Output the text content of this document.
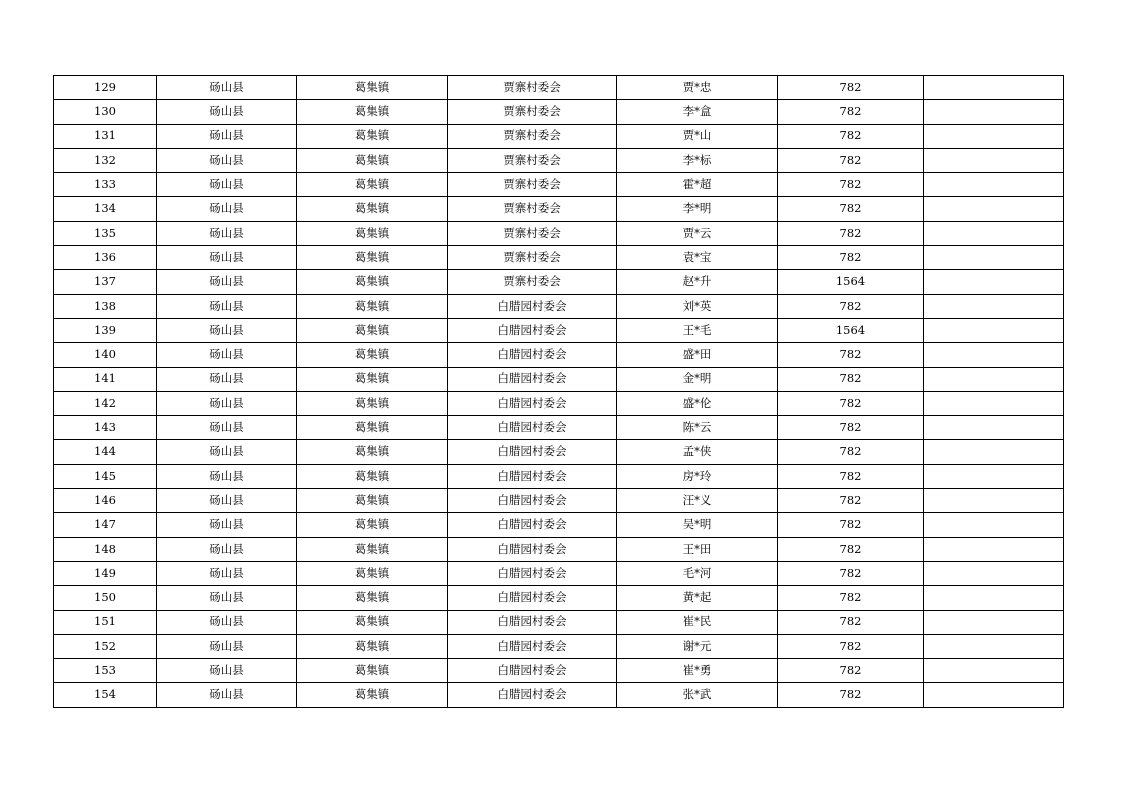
129	砀山县	葛集镇	贾寨村委会	贾*忠	782	
130	砀山县	葛集镇	贾寨村委会	李*盒	782	
131	砀山县	葛集镇	贾寨村委会	贾*山	782	
132	砀山县	葛集镇	贾寨村委会	李*标	782	
133	砀山县	葛集镇	贾寨村委会	霍*超	782	
134	砀山县	葛集镇	贾寨村委会	李*明	782	
135	砀山县	葛集镇	贾寨村委会	贾*云	782	
136	砀山县	葛集镇	贾寨村委会	袁*宝	782	
137	砀山县	葛集镇	贾寨村委会	赵*升	1564	
138	砀山县	葛集镇	白腊园村委会	刘*英	782	
139	砀山县	葛集镇	白腊园村委会	王*毛	1564	
140	砀山县	葛集镇	白腊园村委会	盛*田	782	
141	砀山县	葛集镇	白腊园村委会	金*明	782	
142	砀山县	葛集镇	白腊园村委会	盛*伦	782	
143	砀山县	葛集镇	白腊园村委会	陈*云	782	
144	砀山县	葛集镇	白腊园村委会	孟*侠	782	
145	砀山县	葛集镇	白腊园村委会	房*玲	782	
146	砀山县	葛集镇	白腊园村委会	汪*义	782	
147	砀山县	葛集镇	白腊园村委会	吴*明	782	
148	砀山县	葛集镇	白腊园村委会	王*田	782	
149	砀山县	葛集镇	白腊园村委会	毛*河	782	
150	砀山县	葛集镇	白腊园村委会	黄*起	782	
151	砀山县	葛集镇	白腊园村委会	崔*民	782	
152	砀山县	葛集镇	白腊园村委会	谢*元	782	
153	砀山县	葛集镇	白腊园村委会	崔*勇	782	
154	砀山县	葛集镇	白腊园村委会	张*武	782	
